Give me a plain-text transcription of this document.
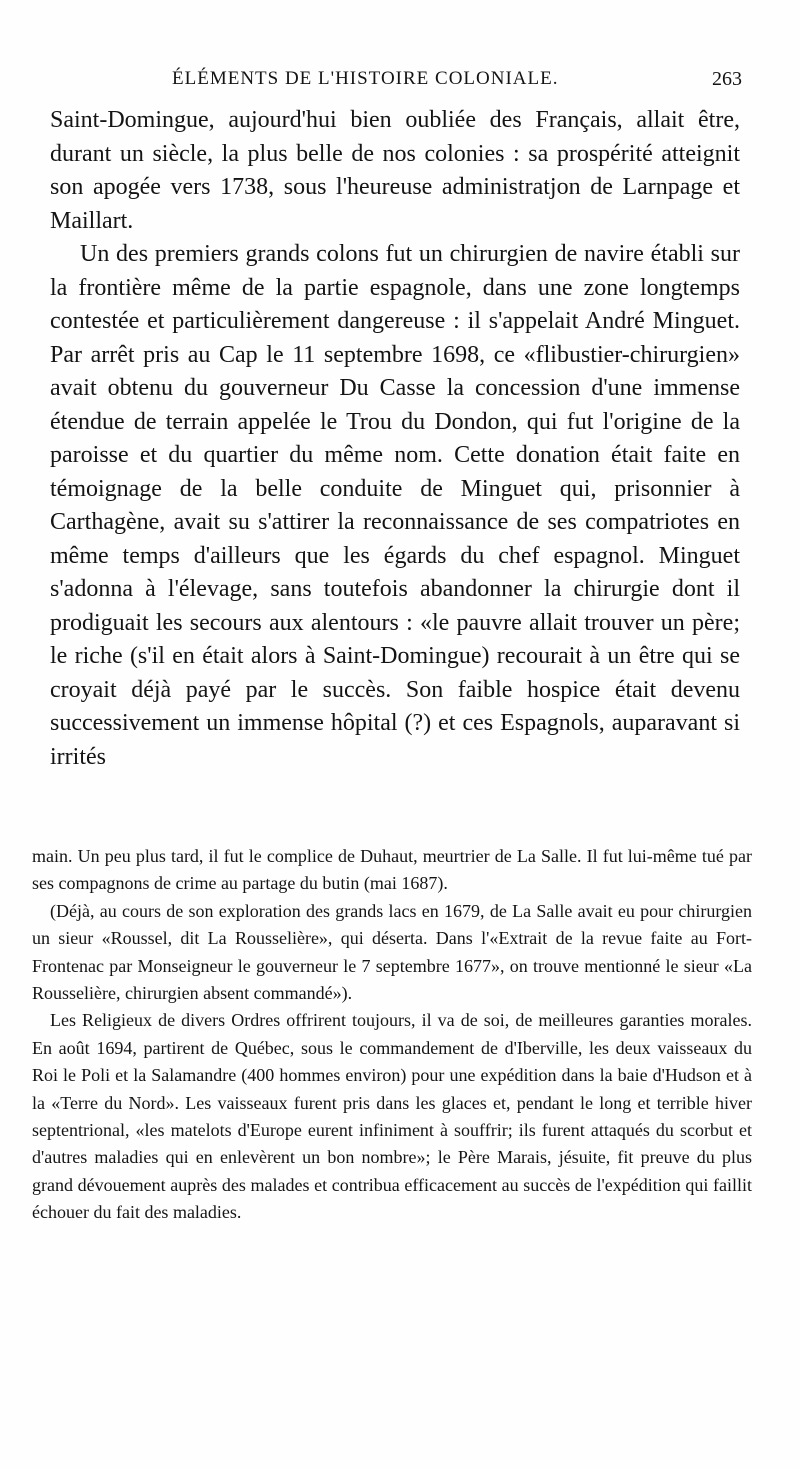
ÉLÉMENTS DE L'HISTOIRE COLONIALE.	263

Saint-Domingue, aujourd'hui bien oubliée des Français, allait être, durant un siècle, la plus belle de nos colonies : sa prospérité atteignit son apogée vers 1738, sous l'heureuse administratjon de Larnpage et Maillart.

Un des premiers grands colons fut un chirurgien de navire établi sur la frontière même de la partie espagnole, dans une zone longtemps contestée et particulièrement dangereuse : il s'appelait André Minguet. Par arrêt pris au Cap le 11 septembre 1698, ce «flibustier-chirurgien» avait obtenu du gouverneur Du Casse la concession d'une immense étendue de terrain appelée le Trou du Dondon, qui fut l'origine de la paroisse et du quartier du même nom. Cette donation était faite en témoignage de la belle conduite de Minguet qui, prisonnier à Carthagène, avait su s'attirer la reconnaissance de ses compatriotes en même temps d'ailleurs que les égards du chef espagnol. Minguet s'adonna à l'élevage, sans toutefois abandonner la chirurgie dont il prodiguait les secours aux alentours : «le pauvre allait trouver un père; le riche (s'il en était alors à Saint-Domingue) recourait à un être qui se croyait déjà payé par le succès. Son faible hospice était devenu successivement un immense hôpital (?) et ces Espagnols, auparavant si irrités

main. Un peu plus tard, il fut le complice de Duhaut, meurtrier de La Salle. Il fut lui-même tué par ses compagnons de crime au partage du butin (mai 1687).

(Déjà, au cours de son exploration des grands lacs en 1679, de La Salle avait eu pour chirurgien un sieur «Roussel, dit La Rousselière», qui déserta. Dans l'«Extrait de la revue faite au Fort-Frontenac par Monseigneur le gouverneur le 7 septembre 1677», on trouve mentionné le sieur «La Rousselière, chirurgien absent commandé»).

Les Religieux de divers Ordres offrirent toujours, il va de soi, de meilleures garanties morales. En août 1694, partirent de Québec, sous le commandement de d'Iberville, les deux vaisseaux du Roi le Poli et la Salamandre (400 hommes environ) pour une expédition dans la baie d'Hudson et à la «Terre du Nord». Les vaisseaux furent pris dans les glaces et, pendant le long et terrible hiver septentrional, «les matelots d'Europe eurent infiniment à souffrir; ils furent attaqués du scorbut et d'autres maladies qui en enlevèrent un bon nombre»; le Père Marais, jésuite, fit preuve du plus grand dévouement auprès des malades et contribua efficacement au succès de l'expédition qui faillit échouer du fait des maladies.
